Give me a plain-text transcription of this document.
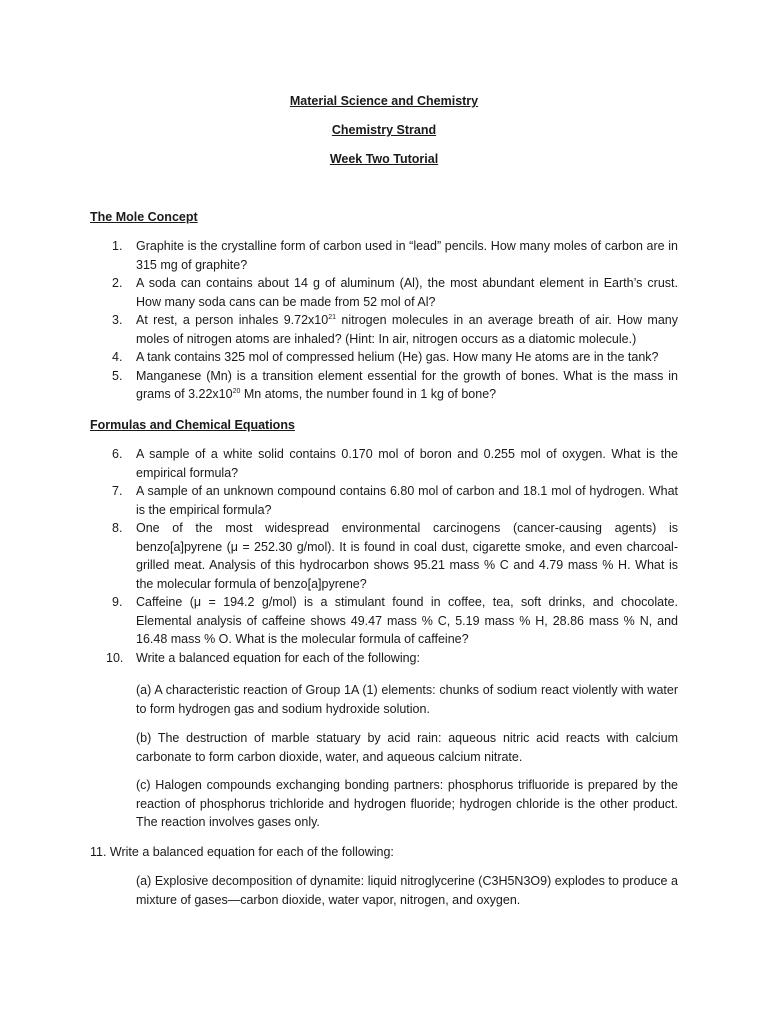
Material Science and Chemistry
Chemistry Strand
Week Two Tutorial
The Mole Concept
1. Graphite is the crystalline form of carbon used in “lead” pencils. How many moles of carbon are in 315 mg of graphite?
2. A soda can contains about 14 g of aluminum (Al), the most abundant element in Earth’s crust. How many soda cans can be made from 52 mol of Al?
3. At rest, a person inhales $9.72x10^{21}$ nitrogen molecules in an average breath of air. How many moles of nitrogen atoms are inhaled? (Hint: In air, nitrogen occurs as a diatomic molecule.)
4. A tank contains 325 mol of compressed helium (He) gas. How many He atoms are in the tank?
5. Manganese (Mn) is a transition element essential for the growth of bones. What is the mass in grams of $3.22x10^{20}$ Mn atoms, the number found in 1 kg of bone?
Formulas and Chemical Equations
6. A sample of a white solid contains 0.170 mol of boron and 0.255 mol of oxygen. What is the empirical formula?
7. A sample of an unknown compound contains 6.80 mol of carbon and 18.1 mol of hydrogen. What is the empirical formula?
8. One of the most widespread environmental carcinogens (cancer-causing agents) is benzo[a]pyrene (μ = 252.30 g/mol). It is found in coal dust, cigarette smoke, and even charcoal-grilled meat. Analysis of this hydrocarbon shows 95.21 mass % C and 4.79 mass % H. What is the molecular formula of benzo[a]pyrene?
9. Caffeine (μ = 194.2 g/mol) is a stimulant found in coffee, tea, soft drinks, and chocolate. Elemental analysis of caffeine shows 49.47 mass % C, 5.19 mass % H, 28.86 mass % N, and 16.48 mass % O. What is the molecular formula of caffeine?
10. Write a balanced equation for each of the following:
(a) A characteristic reaction of Group 1A (1) elements: chunks of sodium react violently with water to form hydrogen gas and sodium hydroxide solution.
(b) The destruction of marble statuary by acid rain: aqueous nitric acid reacts with calcium carbonate to form carbon dioxide, water, and aqueous calcium nitrate.
(c) Halogen compounds exchanging bonding partners: phosphorus trifluoride is prepared by the reaction of phosphorus trichloride and hydrogen fluoride; hydrogen chloride is the other product. The reaction involves gases only.
11. Write a balanced equation for each of the following:
(a) Explosive decomposition of dynamite: liquid nitroglycerine (C3H5N3O9) explodes to produce a mixture of gases—carbon dioxide, water vapor, nitrogen, and oxygen.
